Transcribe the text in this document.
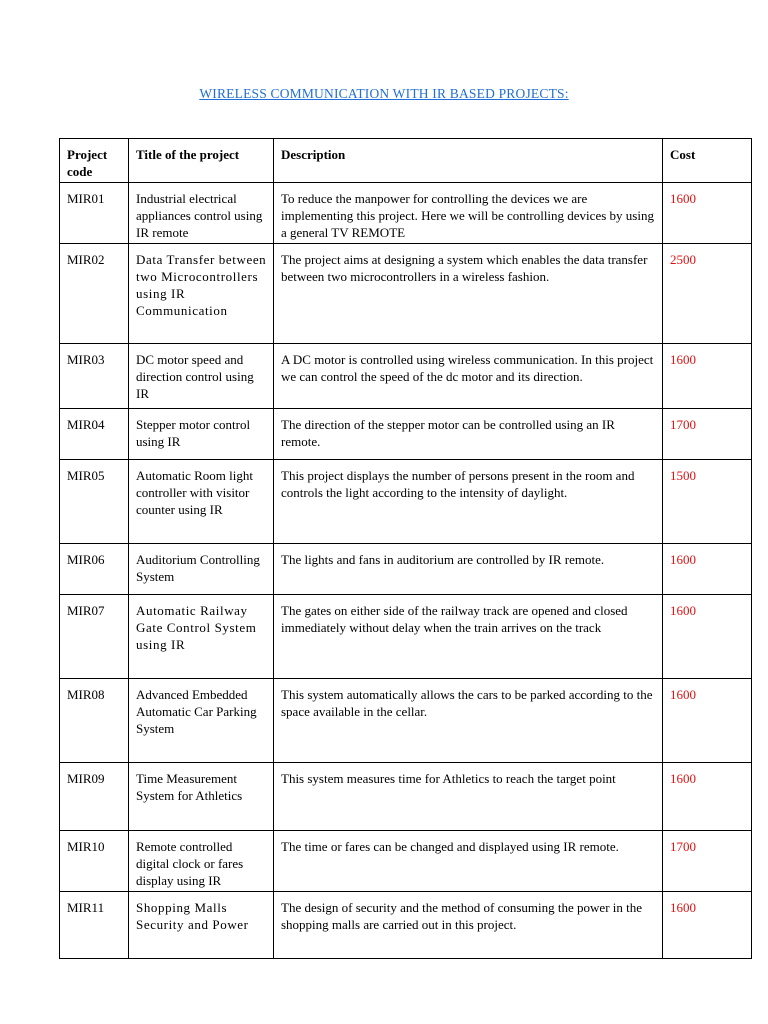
WIRELESS COMMUNICATION WITH IR BASED PROJECTS:
Project code	Title of the project	Description	Cost
MIR01	Industrial electrical appliances control using IR remote	To reduce the manpower for controlling the devices we are implementing this project. Here we will be controlling devices by using a general TV REMOTE	1600
MIR02	Data Transfer between two Microcontrollers using IR Communication	The project aims at designing a system which enables the data transfer between two microcontrollers in a wireless fashion.	2500
MIR03	DC motor speed and direction control using IR	A DC motor is controlled using wireless communication. In this project we can control the speed of the dc motor and its direction.	1600
MIR04	Stepper motor control using IR	The direction of the stepper motor can be controlled using an IR remote.	1700
MIR05	Automatic Room light controller with visitor counter using IR	This project displays the number of persons present in the room and controls the light according to the intensity of daylight.	1500
MIR06	Auditorium Controlling System	The lights and fans in auditorium are controlled by IR remote.	1600
MIR07	Automatic Railway Gate Control System using IR	The gates on either side of the railway track are opened and closed immediately without delay when the train arrives on the track	1600
MIR08	Advanced Embedded Automatic Car Parking System	This system automatically allows the cars to be parked according to the space available in the cellar.	1600
MIR09	Time Measurement System for Athletics	This system measures time for Athletics to reach the target point	1600
MIR10	Remote controlled digital clock or fares display using IR	The time or fares can be changed and displayed using IR remote.	1700
MIR11	Shopping Malls Security and Power	The design of security and the method of consuming the power in the shopping malls are carried out in this project.	1600
